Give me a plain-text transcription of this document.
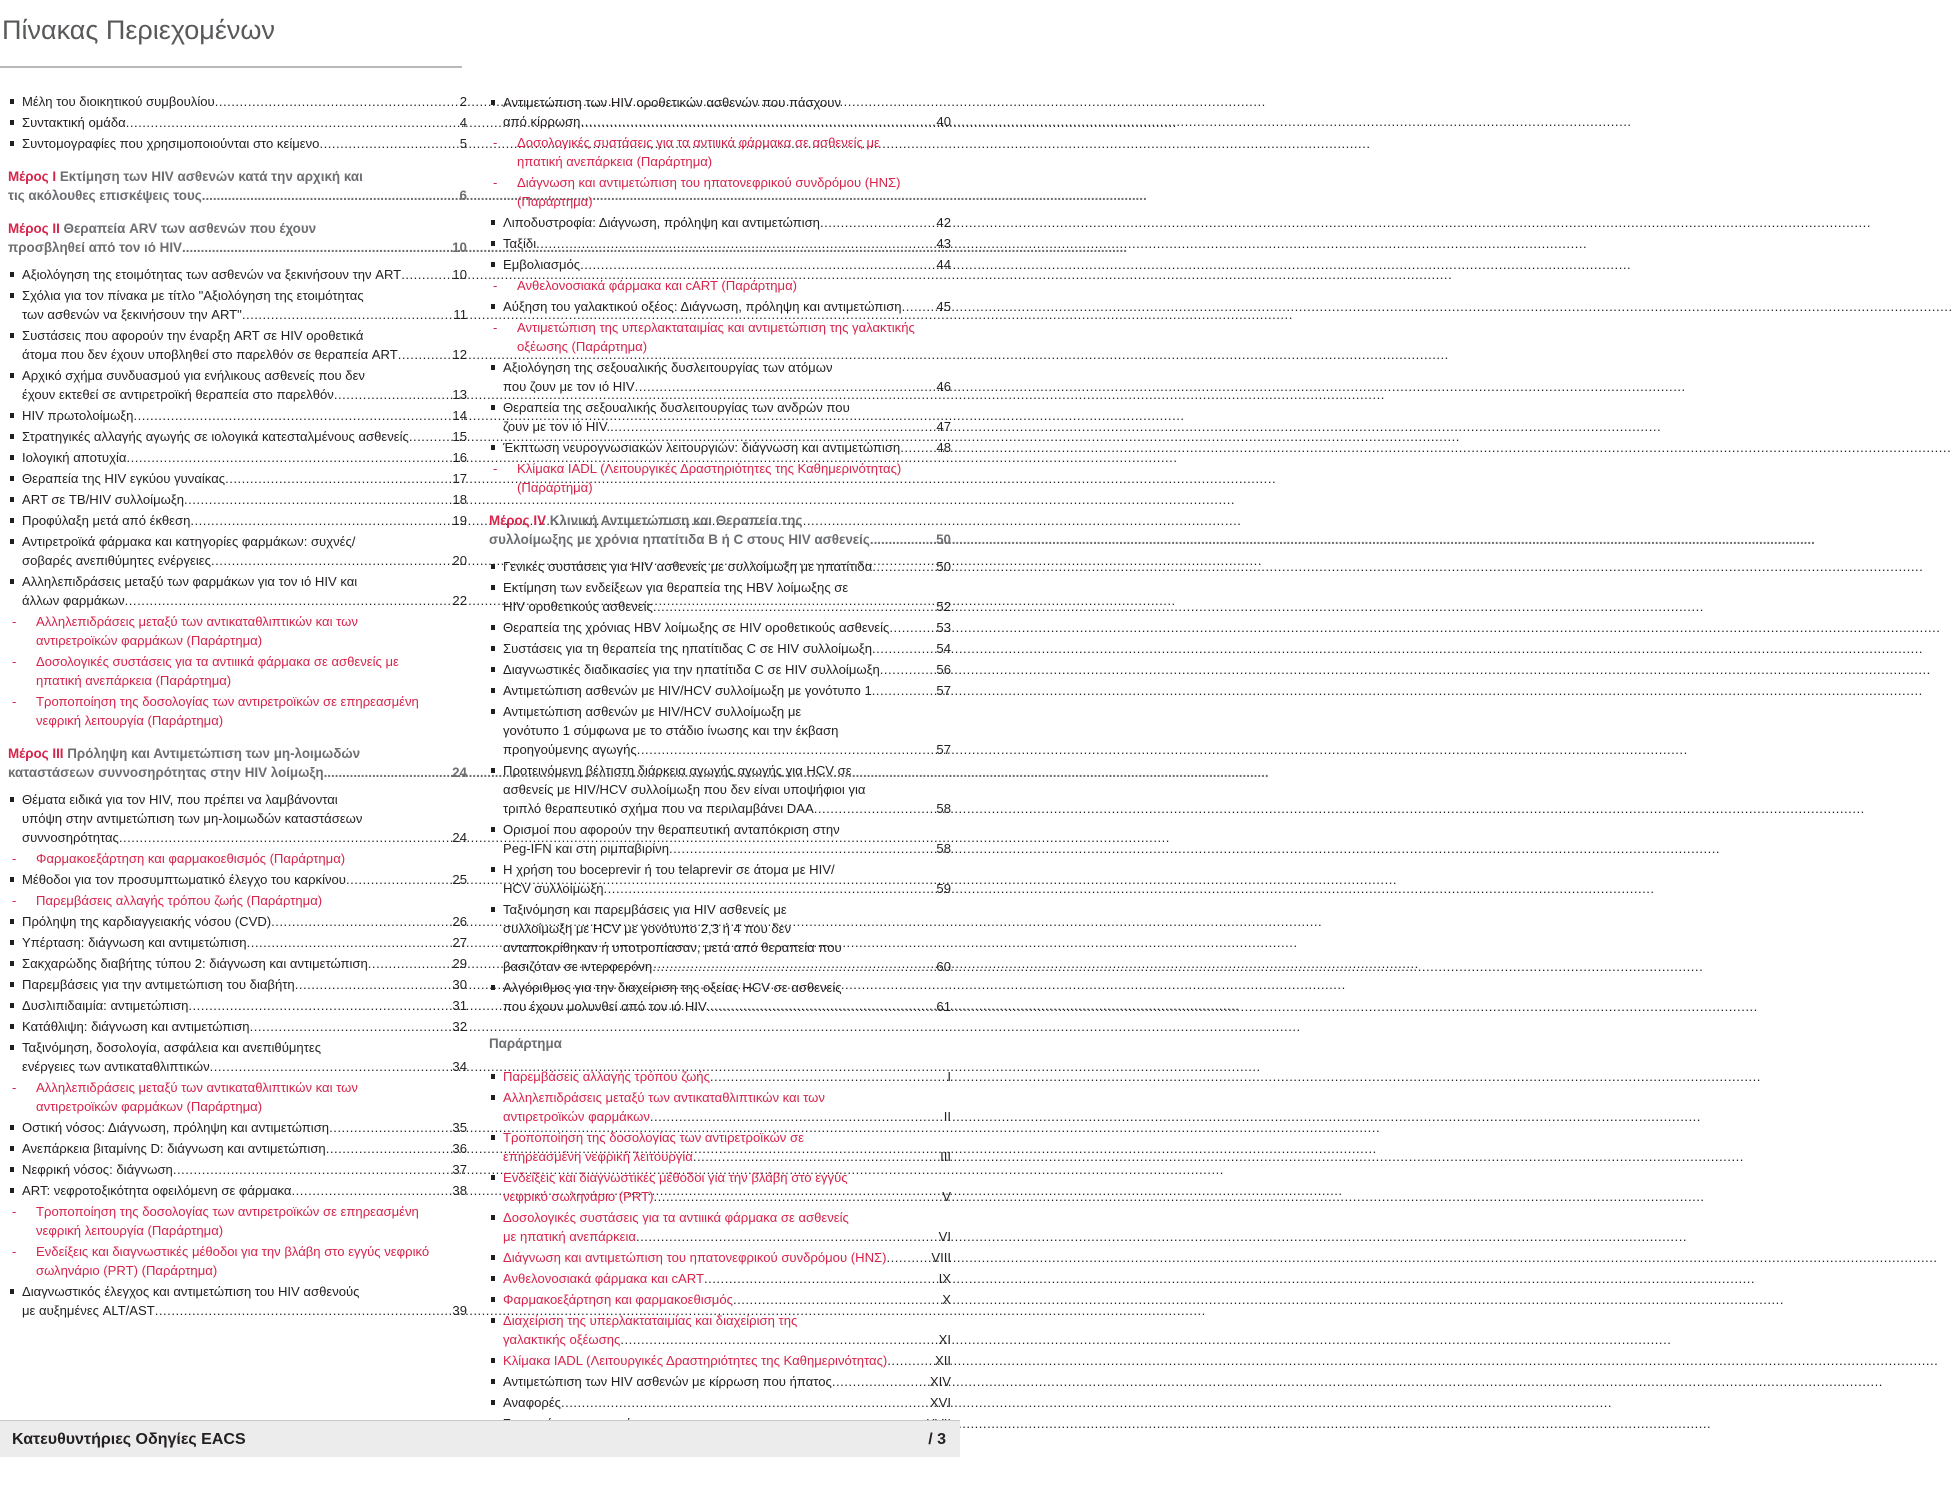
Πίνακας Περιεχομένων
Μέλη του διοικητικού συμβουλίου .....	2
Συντακτική ομάδα .....	4
Συντομογραφίες που χρησιμοποιούνται στο κείμενο .....	5
Μέρος I Εκτίμηση των HIV ασθενών κατά την αρχική και
τις ακόλουθες επισκέψεις τους .....	6
Μέρος II Θεραπεία ARV των ασθενών που έχουν
προσβληθεί από τον ιό HIV .....	10
Αξιολόγηση της ετοιμότητας των ασθενών να ξεκινήσουν την ART .....	10
Σχόλια για τον πίνακα με τίτλο "Αξιολόγηση της ετοιμότητας
των ασθενών να ξεκινήσουν την ART" .....	11
Συστάσεις που αφορούν την έναρξη ART σε HIV οροθετικά
άτομα που δεν έχουν υποβληθεί στο παρελθόν σε θεραπεία ART .....	12
Αρχικό σχήμα συνδυασμού για ενήλικους ασθενείς που δεν
έχουν εκτεθεί σε αντιρετροϊκή θεραπεία στο παρελθόν .....	13
HIV πρωτολοίμωξη .....	14
Στρατηγικές αλλαγής αγωγής σε ιολογικά κατεσταλμένους ασθενείς .....	15
Ιολογική αποτυχία .....	16
Θεραπεία της HIV εγκύου γυναίκας .....	17
ART σε TB/HIV συλλοίμωξη .....	18
Προφύλαξη μετά από έκθεση .....	19
Αντιρετροϊκά φάρμακα και κατηγορίες φαρμάκων: συχνές/
σοβαρές ανεπιθύμητες ενέργειες .....	20
Αλληλεπιδράσεις μεταξύ των φαρμάκων για τον ιό HIV και
άλλων φαρμάκων .....	22
- Αλληλεπιδράσεις μεταξύ των αντικαταθλιπτικών και των
αντιρετροϊκών φαρμάκων (Παράρτημα)
- Δοσολογικές συστάσεις για τα αντιιικά φάρμακα σε ασθενείς με
ηπατική ανεπάρκεια (Παράρτημα)
- Τροποποίηση της δοσολογίας των αντιρετροϊκών σε επηρεασμένη
νεφρική λειτουργία (Παράρτημα)
Μέρος III Πρόληψη και Αντιμετώπιση των μη-λοιμωδών
καταστάσεων συννοσηρότητας στην HIV λοίμωξη .....	24
Θέματα ειδικά για τον HIV, που πρέπει να λαμβάνονται
υπόψη στην αντιμετώπιση των μη-λοιμωδών καταστάσεων
συννοσηρότητας .....	24
- Φαρμακοεξάρτηση και φαρμακοεθισμός (Παράρτημα)
Μέθοδοι για τον προσυμπτωματικό έλεγχο του καρκίνου .....	25
- Παρεμβάσεις αλλαγής τρόπου ζωής (Παράρτημα)
Πρόληψη της καρδιαγγειακής νόσου (CVD) .....	26
Υπέρταση: διάγνωση και αντιμετώπιση .....	27
Σακχαρώδης διαβήτης τύπου 2: διάγνωση και αντιμετώπιση .....	29
Παρεμβάσεις για την αντιμετώπιση του διαβήτη .....	30
Δυσλιπιδαιμία: αντιμετώπιση .....	31
Κατάθλιψη: διάγνωση και αντιμετώπιση .....	32
Ταξινόμηση, δοσολογία, ασφάλεια και ανεπιθύμητες
ενέργειες των αντικαταθλιπτικών .....	34
- Αλληλεπιδράσεις μεταξύ των αντικαταθλιπτικών και των
αντιρετροϊκών φαρμάκων (Παράρτημα)
Οστική νόσος: Διάγνωση, πρόληψη και αντιμετώπιση .....	35
Ανεπάρκεια βιταμίνης D: διάγνωση και αντιμετώπιση .....	36
Νεφρική νόσος: διάγνωση .....	37
ART: νεφροτοξικότητα οφειλόμενη σε φάρμακα .....	38
- Τροποποίηση της δοσολογίας των αντιρετροϊκών σε επηρεασμένη
νεφρική λειτουργία (Παράρτημα)
- Ενδείξεις και διαγνωστικές μέθοδοι για την βλάβη στο εγγύς νεφρικό
σωληνάριο (PRT) (Παράρτημα)
Διαγνωστικός έλεγχος και αντιμετώπιση του HIV ασθενούς
με αυξημένες ALT/AST .....	39
Αντιμετώπιση των HIV οροθετικών ασθενών που πάσχουν
από κίρρωση .....	40
- Δοσολογικές συστάσεις για τα αντιιικά φάρμακα σε ασθενείς με
ηπατική ανεπάρκεια (Παράρτημα)
- Διάγνωση και αντιμετώπιση του ηπατονεφρικού συνδρόμου (ΗΝΣ)
(Παράρτημα)
Λιποδυστροφία: Διάγνωση, πρόληψη και αντιμετώπιση .....	42
Ταξίδι .....	43
Εμβολιασμός .....	44
- Ανθελονοσιακά φάρμακα και cART (Παράρτημα)
Αύξηση του γαλακτικού οξέος: Διάγνωση, πρόληψη και αντιμετώπιση .....	45
- Αντιμετώπιση της υπερλακταταιμίας και αντιμετώπιση της γαλακτικής
οξέωσης (Παράρτημα)
Αξιολόγηση της σεξουαλικής δυσλειτουργίας των ατόμων
που ζουν με τον ιό HIV .....	46
Θεραπεία της σεξουαλικής δυσλειτουργίας των ανδρών που
ζουν με τον ιό HIV. .....	47
Έκπτωση νευρογνωσιακών λειτουργιών: διάγνωση και αντιμετώπιση .....	48
- Κλίμακα IADL (Λειτουργικές Δραστηριότητες της Καθημερινότητας)
(Παράρτημα)
Μέρος IV Κλινική Αντιμετώπιση και Θεραπεία της
συλλοίμωξης με χρόνια ηπατίτιδα Β ή C στους HIV ασθενείς .....	50
Γενικές συστάσεις για HIV ασθενείς με συλλοίμωξη με ηπατίτιδα .....	50
Εκτίμηση των ενδείξεων για θεραπεία της HBV λοίμωξης σε
HIV οροθετικούς ασθενείς .....	52
Θεραπεία της χρόνιας HBV λοίμωξης σε HIV οροθετικούς ασθενείς .....	53
Συστάσεις για τη θεραπεία της ηπατίτιδας C σε HIV συλλοίμωξη .....	54
Διαγνωστικές διαδικασίες για την ηπατίτιδα C σε HIV συλλοίμωξη .....	56
Αντιμετώπιση ασθενών με HIV/HCV συλλοίμωξη με γονότυπο 1 .....	57
Αντιμετώπιση ασθενών με HIV/HCV συλλοίμωξη με
γονότυπο 1 σύμφωνα με το στάδιο ίνωσης και την έκβαση
προηγούμενης αγωγής .....	57
Προτεινόμενη βέλτιστη διάρκεια αγωγής αγωγής για HCV σε
ασθενείς με HIV/HCV συλλοίμωξη που δεν είναι υποψήφιοι για
τριπλό θεραπευτικό σχήμα που να περιλαμβάνει DAA .....	58
Ορισμοί που αφορούν την θεραπευτική ανταπόκριση στην
Peg-IFN και στη ριμπαβιρίνη .....	58
Η χρήση του boceprevir ή του telaprevir σε άτομα με HIV/
HCV συλλοίμωξη .....	59
Ταξινόμηση και παρεμβάσεις για HIV ασθενείς με
συλλοίμωξη με HCV με γονότυπο 2,3 ή 4 που δεν
ανταποκρίθηκαν ή υποτροπίασαν, μετά από θεραπεία που
βασιζόταν σε ιντερφερόνη .....	60
Αλγόριθμος για την διαχείριση της οξείας HCV σε ασθενείς
που έχουν μολυνθεί από τον ιό HIV .....	61
Παράρτημα
Παρεμβάσεις αλλαγής τρόπου ζωής .....	I
Αλληλεπιδράσεις μεταξύ των αντικαταθλιπτικών και των
αντιρετροϊκών φαρμάκων .....	II
Τροποποίηση της δοσολογίας των αντιρετροϊκών σε
επηρεασμένη νεφρική λειτουργία .....	III
Ενδείξεις και διαγνωστικές μέθοδοι για την βλάβη στο εγγύς
νεφρικό σωληνάριο (PRT) .....	V
Δοσολογικές συστάσεις για τα αντιιικά φάρμακα σε ασθενείς
με ηπατική ανεπάρκεια .....	VI
Διάγνωση και αντιμετώπιση του ηπατονεφρικού συνδρόμου (ΗΝΣ) .....	VIII
Ανθελονοσιακά φάρμακα και cART .....	IX
Φαρμακοεξάρτηση και φαρμακοεθισμός .....	X
Διαχείριση της υπερλακταταιμίας και διαχείριση της
γαλακτικής οξέωσης .....	XI
Κλίμακα IADL (Λειτουργικές Δραστηριότητες της Καθημερινότητας) .....	XII
Αντιμετώπιση των HIV ασθενών με κίρρωση που ήπατος .....	XIV
Αναφορές .....	XVI
.....
Κατευθυντήριες Οδηγίες EACS	/ 3
